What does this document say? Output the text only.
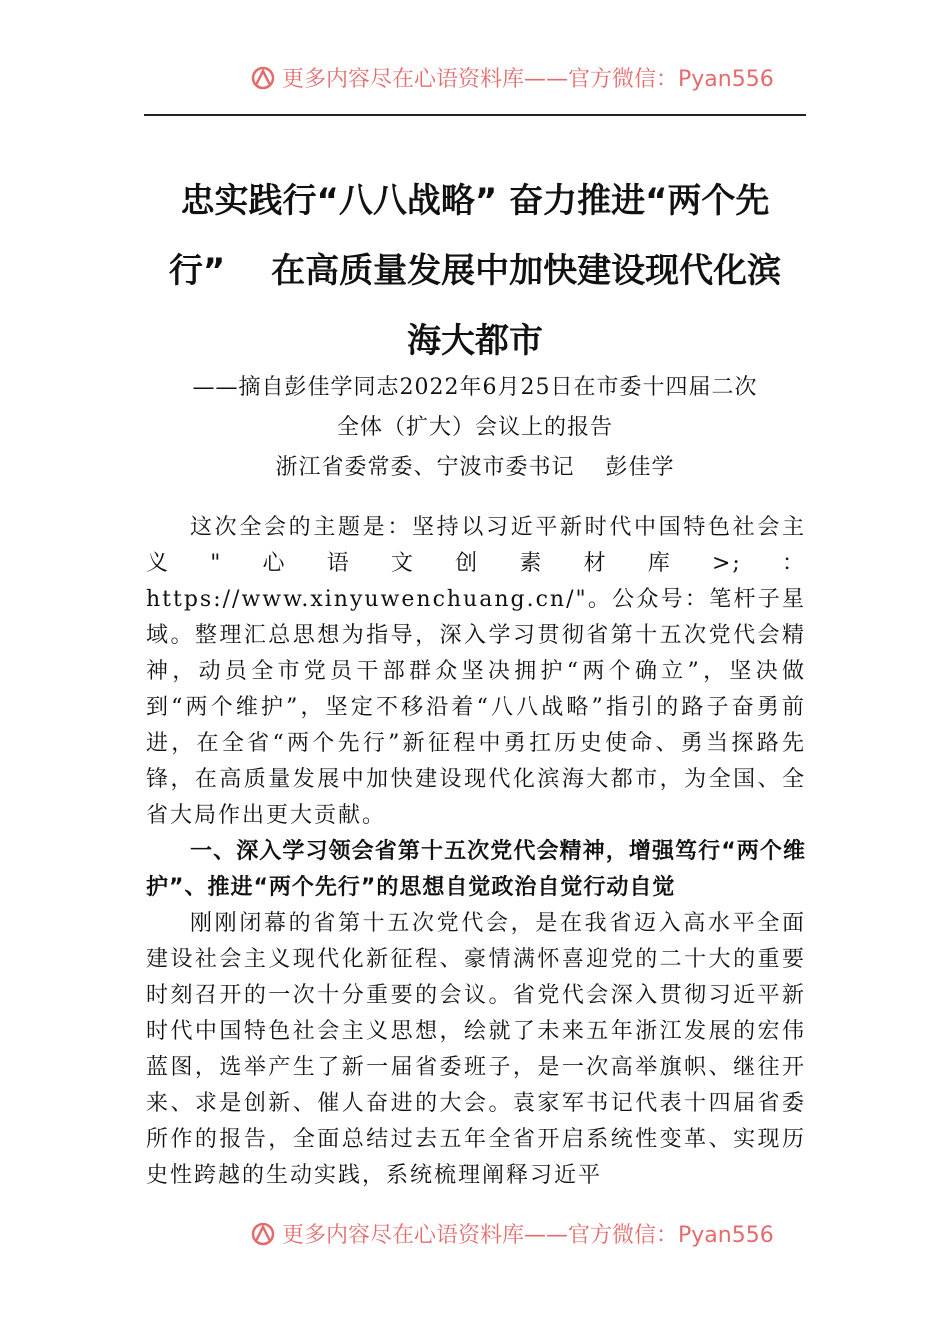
更多内容尽在心语资料库——官方微信：Pyan556
忠实践行“八八战略” 奋力推进“两个先
行”　 在高质量发展中加快建设现代化滨
海大都市
——摘自彭佳学同志2022年6月25日在市委十四届二次
全体（扩大）会议上的报告
浙江省委常委、宁波市委书记　 彭佳学

这次全会的主题是：坚持以习近平新时代中国特色社会主义"心语文创素材库>;：https://www.xinyuwenchuang.cn/"。公众号：笔杆子星域。整理汇总思想为指导，深入学习贯彻省第十五次党代会精神，动员全市党员干部群众坚决拥护“两个确立”，坚决做到“两个维护”，坚定不移沿着“八八战略”指引的路子奋勇前进，在全省“两个先行”新征程中勇扛历史使命、勇当探路先锋，在高质量发展中加快建设现代化滨海大都市，为全国、全省大局作出更大贡献。

一、深入学习领会省第十五次党代会精神，增强笃行“两个维护”、推进“两个先行”的思想自觉政治自觉行动自觉

刚刚闭幕的省第十五次党代会，是在我省迈入高水平全面建设社会主义现代化新征程、豪情满怀喜迎党的二十大的重要时刻召开的一次十分重要的会议。省党代会深入贯彻习近平新时代中国特色社会主义思想，绘就了未来五年浙江发展的宏伟蓝图，选举产生了新一届省委班子，是一次高举旗帜、继往开来、求是创新、催人奋进的大会。袁家军书记代表十四届省委所作的报告，全面总结过去五年全省开启系统性变革、实现历史性跨越的生动实践，系统梳理阐释习近平

更多内容尽在心语资料库——官方微信：Pyan556
